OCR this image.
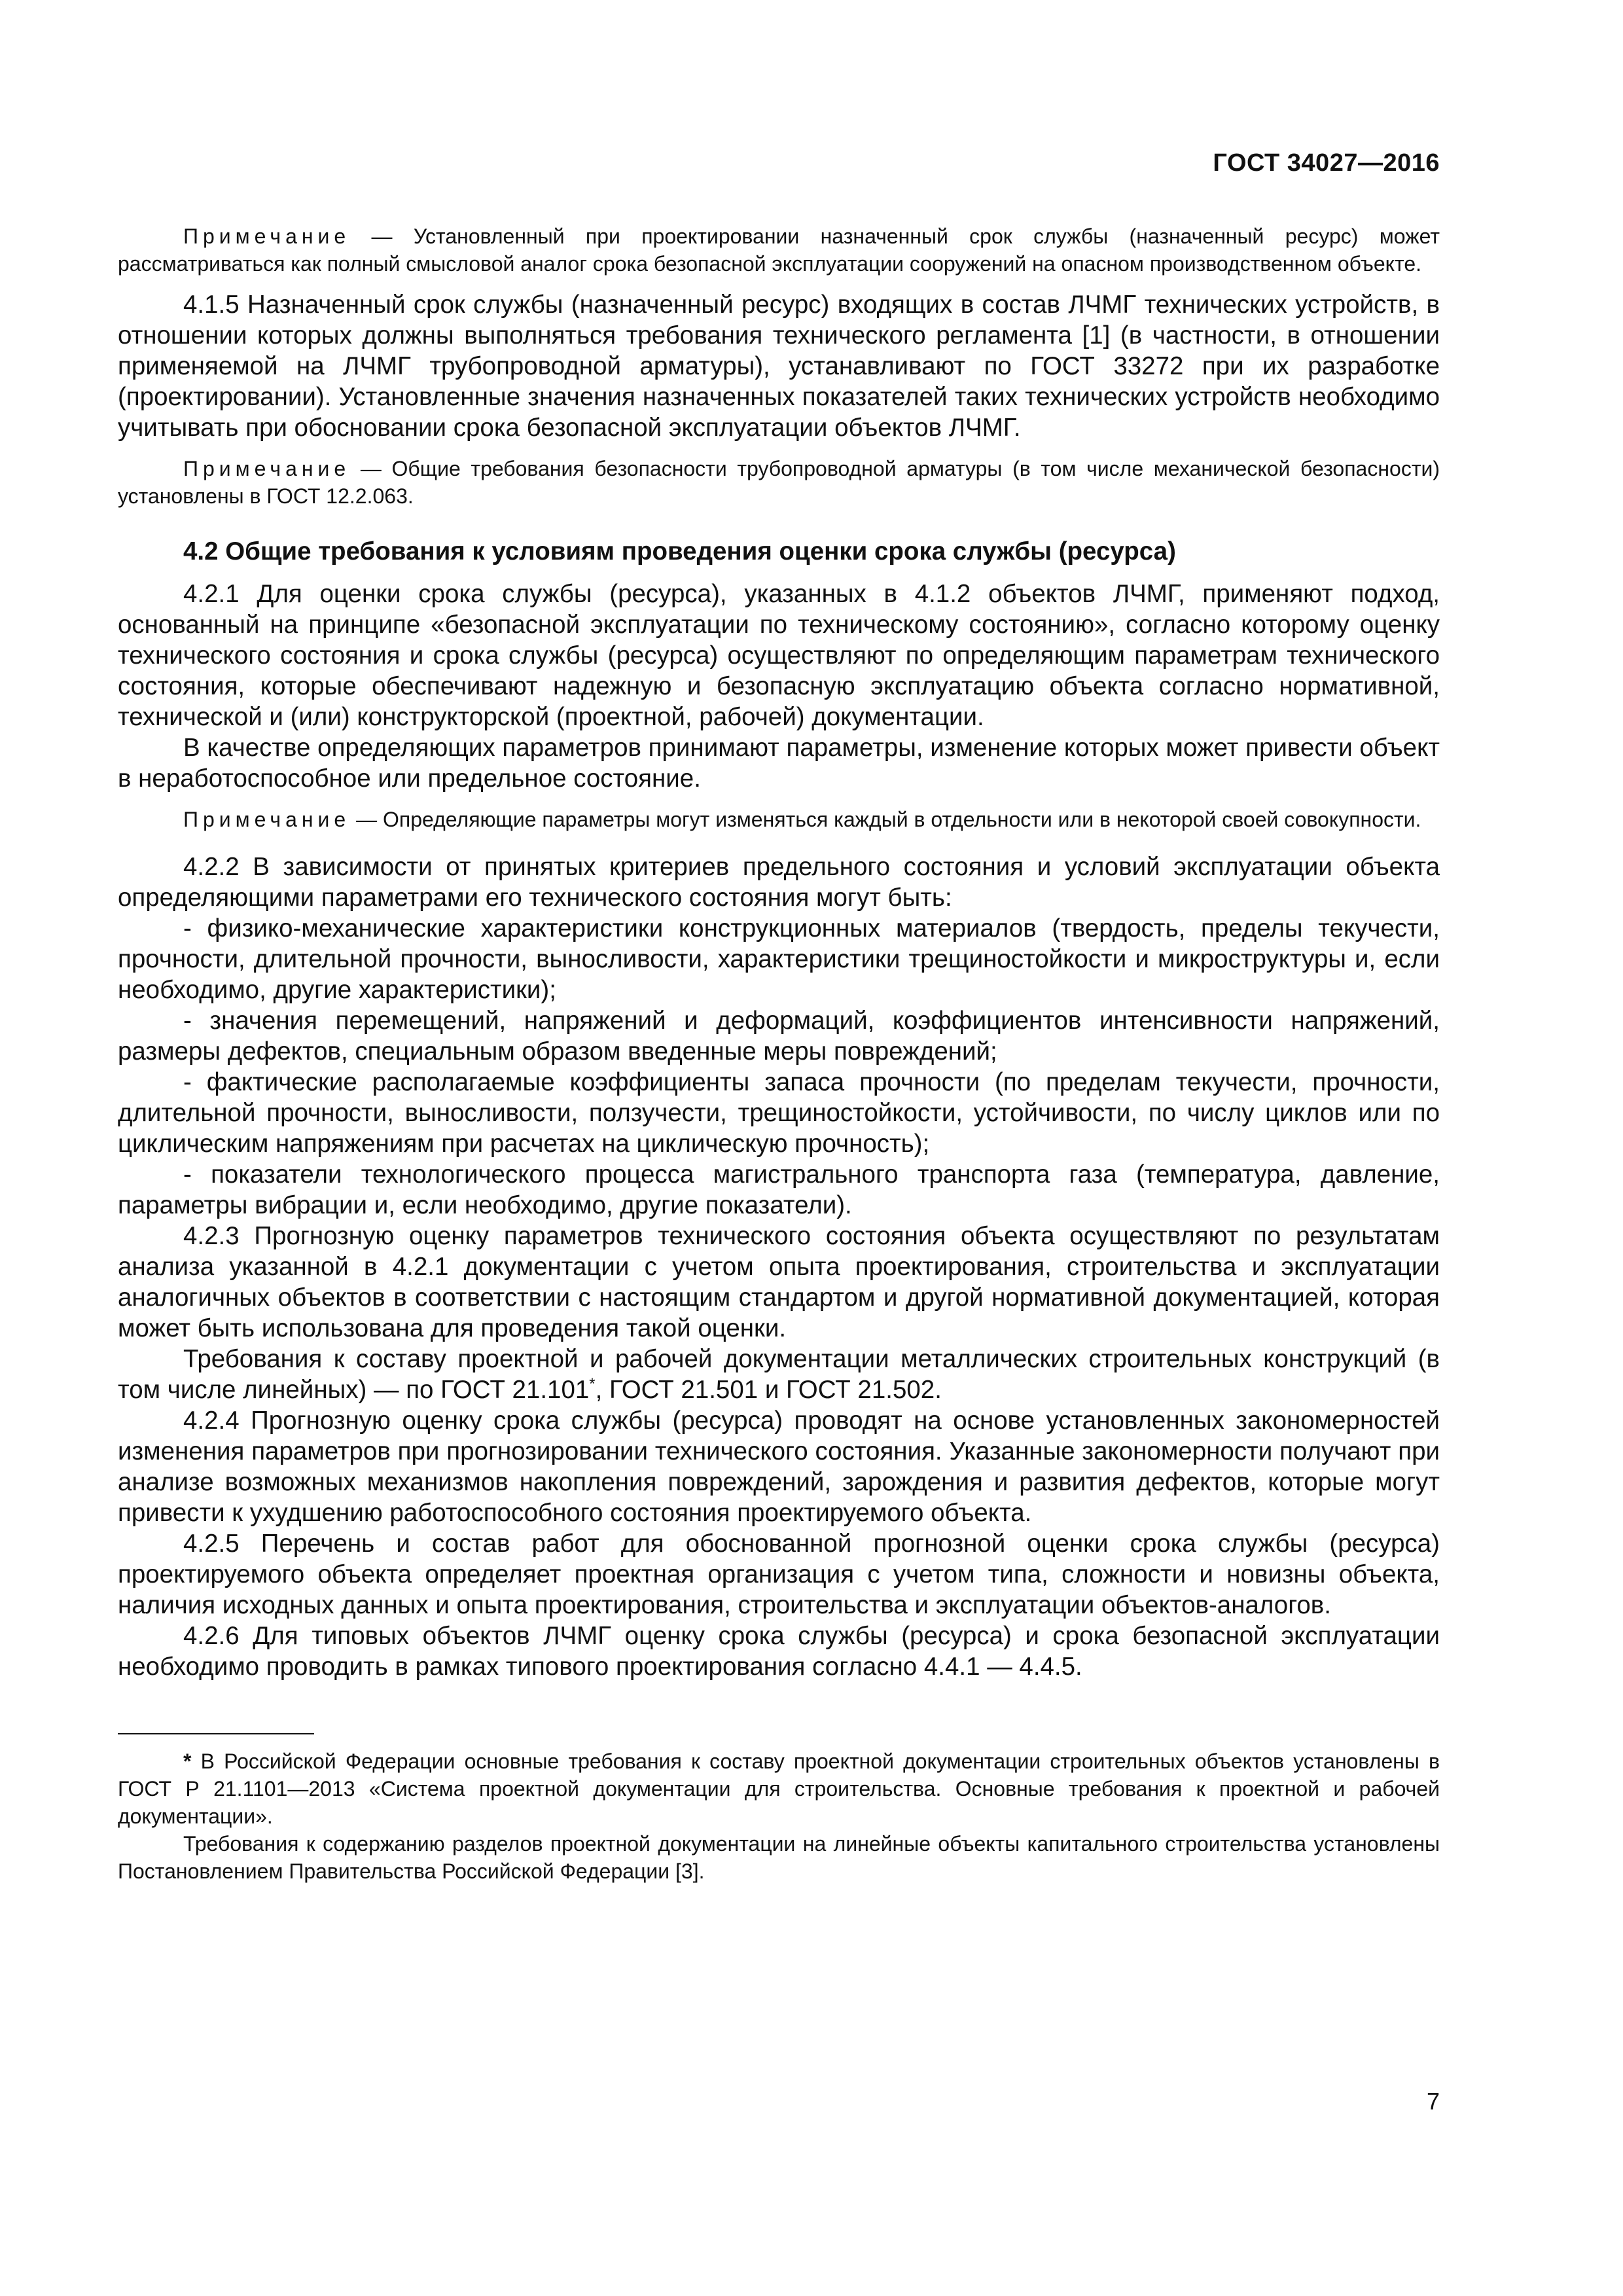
ГОСТ 34027—2016

Примечание — Установленный при проектировании назначенный срок службы (назначенный ресурс) может рассматриваться как полный смысловой аналог срока безопасной эксплуатации сооружений на опасном производственном объекте.

4.1.5 Назначенный срок службы (назначенный ресурс) входящих в состав ЛЧМГ технических устройств, в отношении которых должны выполняться требования технического регламента [1] (в частности, в отношении применяемой на ЛЧМГ трубопроводной арматуры), устанавливают по ГОСТ 33272 при их разработке (проектировании). Установленные значения назначенных показателей таких технических устройств необходимо учитывать при обосновании срока безопасной эксплуатации объектов ЛЧМГ.

Примечание — Общие требования безопасности трубопроводной арматуры (в том числе механической безопасности) установлены в ГОСТ 12.2.063.

4.2 Общие требования к условиям проведения оценки срока службы (ресурса)

4.2.1 Для оценки срока службы (ресурса), указанных в 4.1.2 объектов ЛЧМГ, применяют подход, основанный на принципе «безопасной эксплуатации по техническому состоянию», согласно которому оценку технического состояния и срока службы (ресурса) осуществляют по определяющим параметрам технического состояния, которые обеспечивают надежную и безопасную эксплуатацию объекта согласно нормативной, технической и (или) конструкторской (проектной, рабочей) документации.

В качестве определяющих параметров принимают параметры, изменение которых может привести объект в неработоспособное или предельное состояние.

Примечание — Определяющие параметры могут изменяться каждый в отдельности или в некоторой своей совокупности.

4.2.2 В зависимости от принятых критериев предельного состояния и условий эксплуатации объекта определяющими параметрами его технического состояния могут быть:

- физико-механические характеристики конструкционных материалов (твердость, пределы текучести, прочности, длительной прочности, выносливости, характеристики трещиностойкости и микроструктуры и, если необходимо, другие характеристики);

- значения перемещений, напряжений и деформаций, коэффициентов интенсивности напряжений, размеры дефектов, специальным образом введенные меры повреждений;

- фактические располагаемые коэффициенты запаса прочности (по пределам текучести, прочности, длительной прочности, выносливости, ползучести, трещиностойкости, устойчивости, по числу циклов или по циклическим напряжениям при расчетах на циклическую прочность);

- показатели технологического процесса магистрального транспорта газа (температура, давление, параметры вибрации и, если необходимо, другие показатели).

4.2.3 Прогнозную оценку параметров технического состояния объекта осуществляют по результатам анализа указанной в 4.2.1 документации с учетом опыта проектирования, строительства и эксплуатации аналогичных объектов в соответствии с настоящим стандартом и другой нормативной документацией, которая может быть использована для проведения такой оценки.

Требования к составу проектной и рабочей документации металлических строительных конструкций (в том числе линейных) — по ГОСТ 21.101*, ГОСТ 21.501 и ГОСТ 21.502.

4.2.4 Прогнозную оценку срока службы (ресурса) проводят на основе установленных закономерностей изменения параметров при прогнозировании технического состояния. Указанные закономерности получают при анализе возможных механизмов накопления повреждений, зарождения и развития дефектов, которые могут привести к ухудшению работоспособного состояния проектируемого объекта.

4.2.5 Перечень и состав работ для обоснованной прогнозной оценки срока службы (ресурса) проектируемого объекта определяет проектная организация с учетом типа, сложности и новизны объекта, наличия исходных данных и опыта проектирования, строительства и эксплуатации объектов-аналогов.

4.2.6 Для типовых объектов ЛЧМГ оценку срока службы (ресурса) и срока безопасной эксплуатации необходимо проводить в рамках типового проектирования согласно 4.4.1 — 4.4.5.

* В Российской Федерации основные требования к составу проектной документации строительных объектов установлены в ГОСТ Р 21.1101—2013 «Система проектной документации для строительства. Основные требования к проектной и рабочей документации».

Требования к содержанию разделов проектной документации на линейные объекты капитального строительства установлены Постановлением Правительства Российской Федерации [3].

7
